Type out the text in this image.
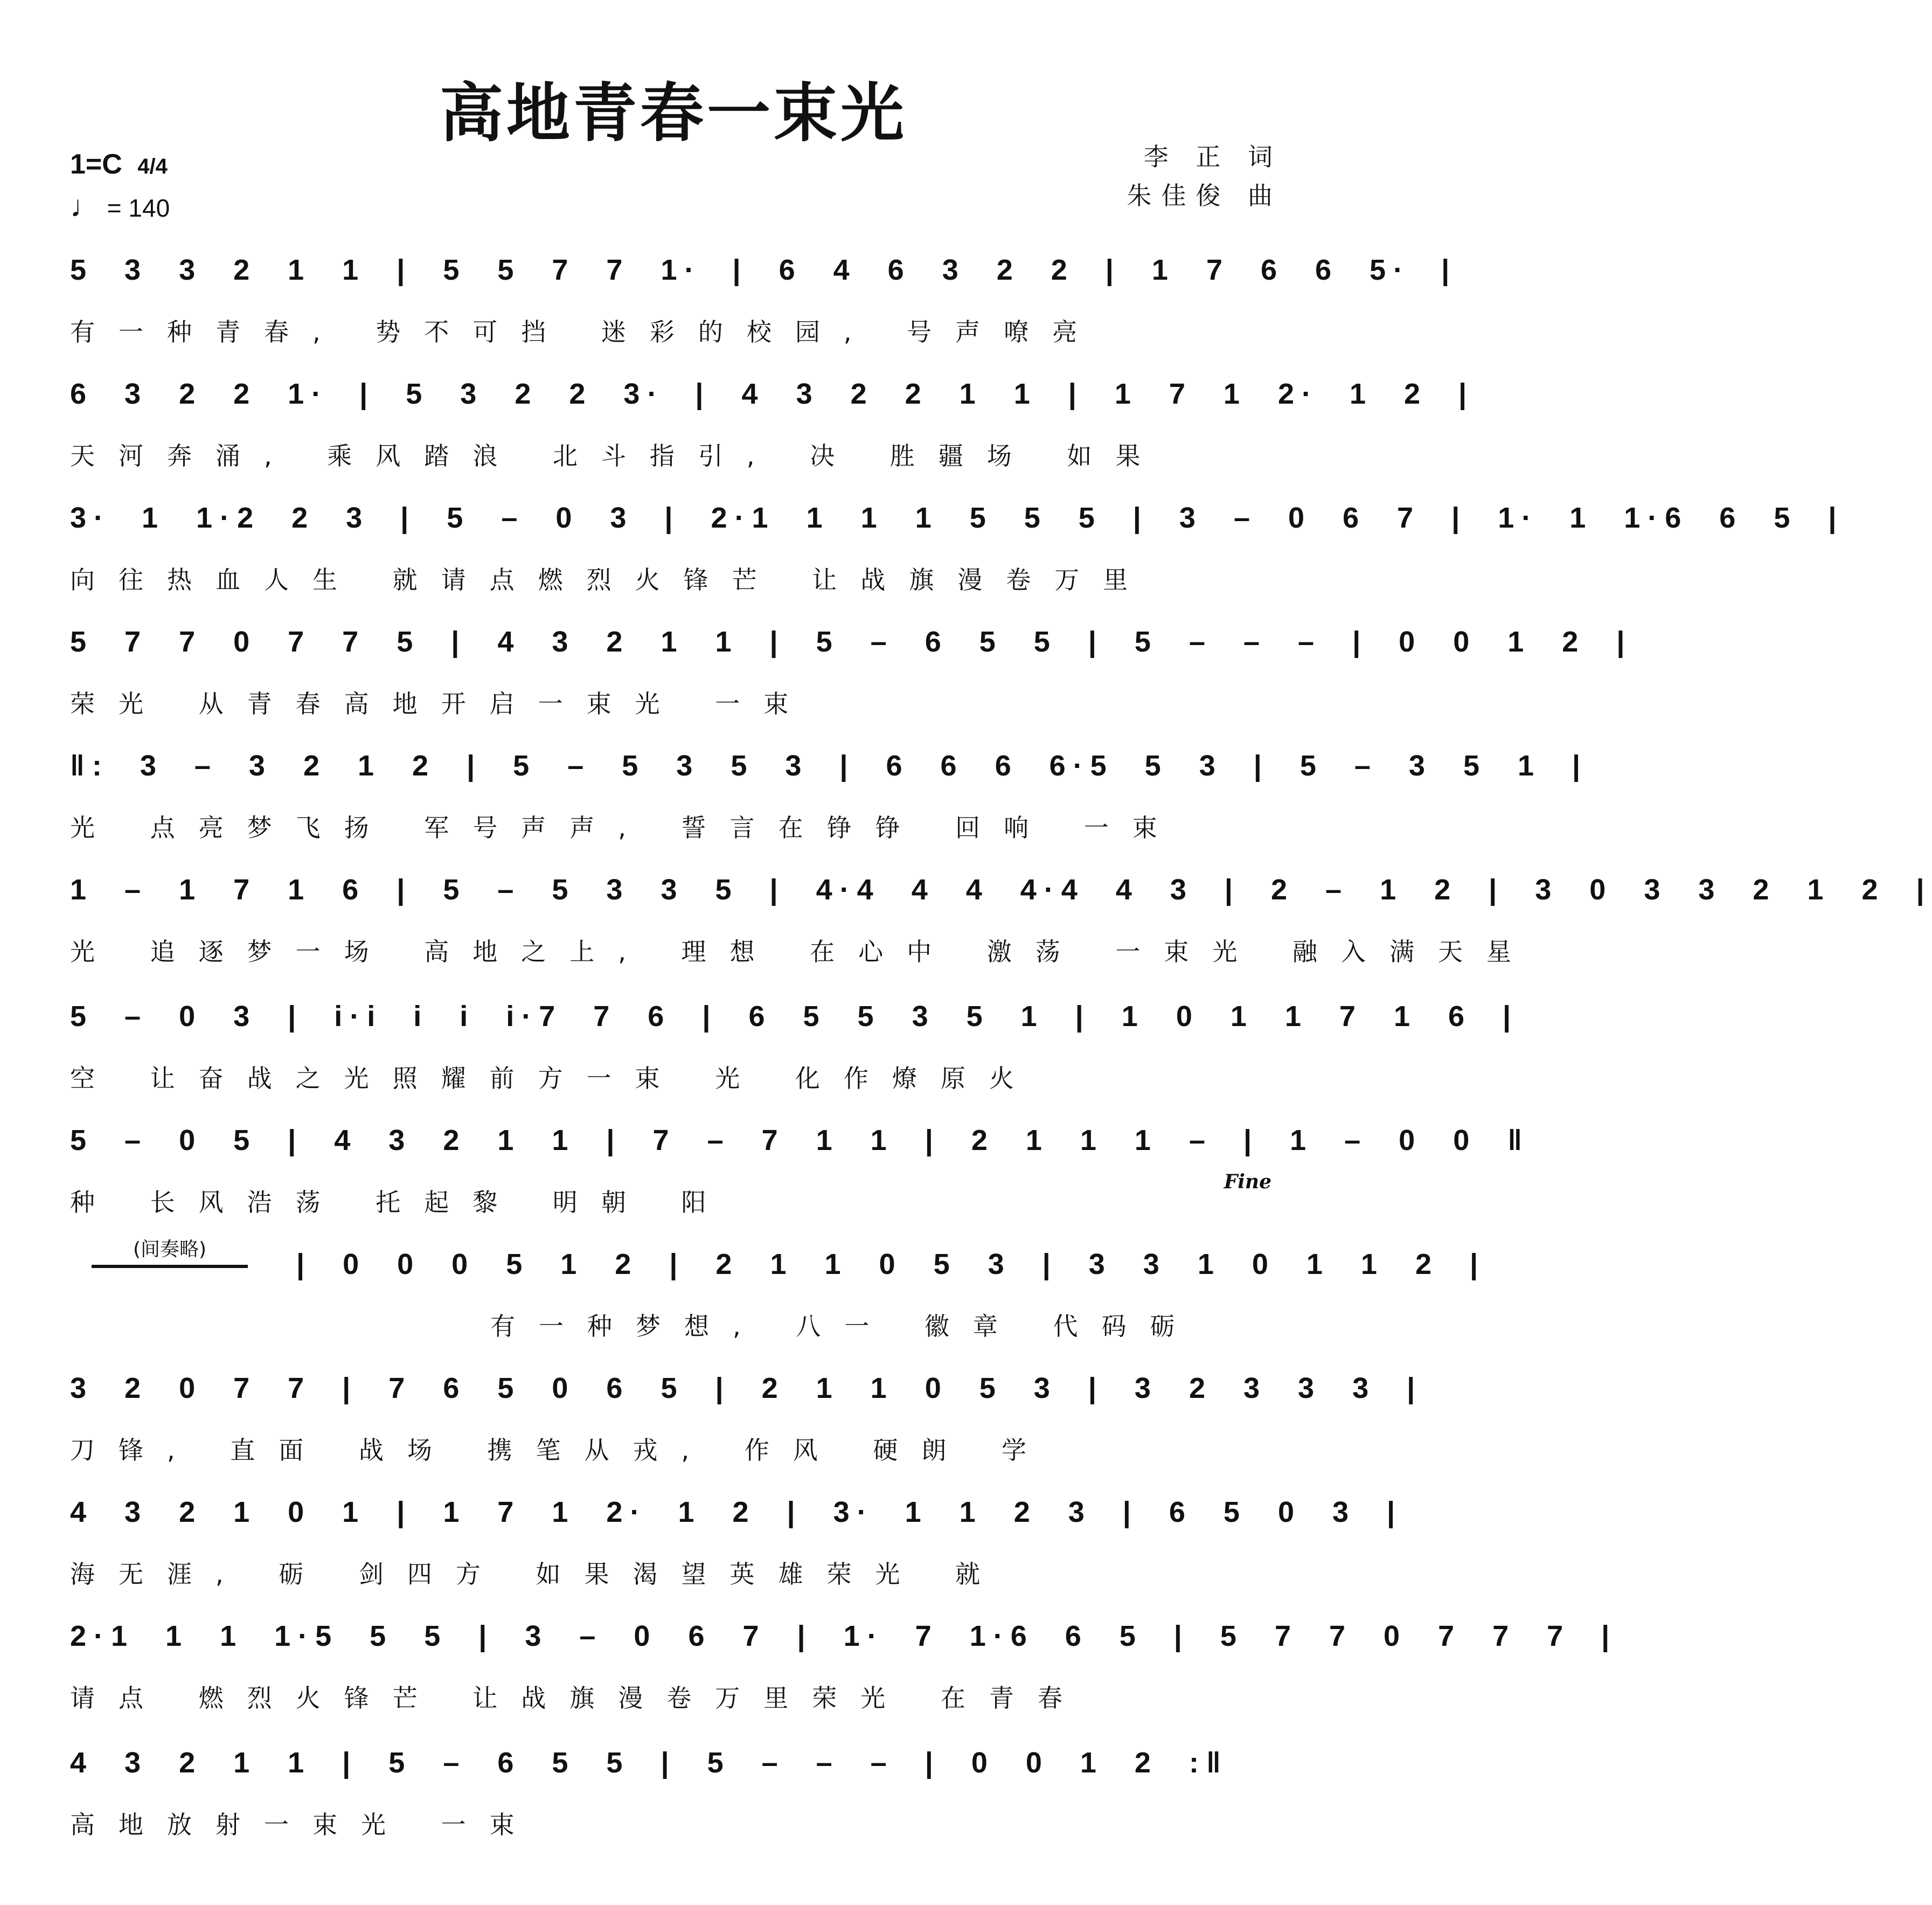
高地青春一束光
李 正 词
朱佳俊 曲
1=C 4/4
♩ = 140
5 3 3 2 1 1 | 5 5 7 7 1· | 6 4 6 3 2 2 | 1 7 6 6 5· |
有一种青春, 势不可挡 迷彩的校园, 号声嘹亮
6 3 2 2 1· | 5 3 2 2 3· | 4 3 2 2 1 1 | 1 7 1 2· 1 2 |
天河奔涌, 乘风踏浪 北斗指引, 决 胜疆场 如果
3· 1 1·2 2 3 | 5 – 0 3 | 2·1 1 1 1 5 5 5 | 3 – 0 6 7 | 1· 1 1·6 6 5 |
向往热血人生 就请点燃烈火锋芒 让战旗漫卷万里
5 7 7 0 7 7 5 | 4 3 2 1 1 | 5 – 6 5 5 | 5 – – – | 0 0 1 2 |
荣光 从青春高地开启一束光 一束
‖: 3 – 3 2 1 2 | 5 – 5 3 5 3 | 6 6 6 6·5 5 3 | 5 – 3 5 1 |
光 点亮梦飞扬 军号声声, 誓言在铮铮 回响 一束
1 – 1 7 1 6 | 5 – 5 3 3 5 | 4·4 4 4 4·4 4 3 | 2 – 1 2 | 3 0 3 3 2 1 2 |
光 追逐梦一场 高地之上, 理想 在心中 激荡 一束光 融入满天星
5 – 0 3 | i·i i i i·7 7 6 | 6 5 5 3 5 1 | 1 0 1 1 7 1 6 |
空 让奋战之光照耀前方一束 光 化作燎原火
5 – 0 5 | 4 3 2 1 1 | 7 – 7 1 1 | 2 1 1 1 – | 1 – 0 0 ‖
种 长风浩荡 托起黎 明朝 阳
| 0 0 0 5 1 2 | 2 1 1 0 5 3 | 3 3 1 0 1 1 2 |
有一种梦想, 八一 徽章 代码砺
3 2 0 7 7 | 7 6 5 0 6 5 | 2 1 1 0 5 3 | 3 2 3 3 3 |
刀锋, 直面 战场 携笔从戎, 作风 硬朗 学
4 3 2 1 0 1 | 1 7 1 2· 1 2 | 3· 1 1 2 3 | 6 5 0 3 |
海无涯, 砺 剑四方 如果渴望英雄荣光 就
2·1 1 1 1·5 5 5 | 3 – 0 6 7 | 1· 7 1·6 6 5 | 5 7 7 0 7 7 7 |
请点 燃烈火锋芒 让战旗漫卷万里荣光 在青春
4 3 2 1 1 | 5 – 6 5 5 | 5 – – – | 0 0 1 2 :‖
高地放射一束光 一束
(间奏略)
Fine
